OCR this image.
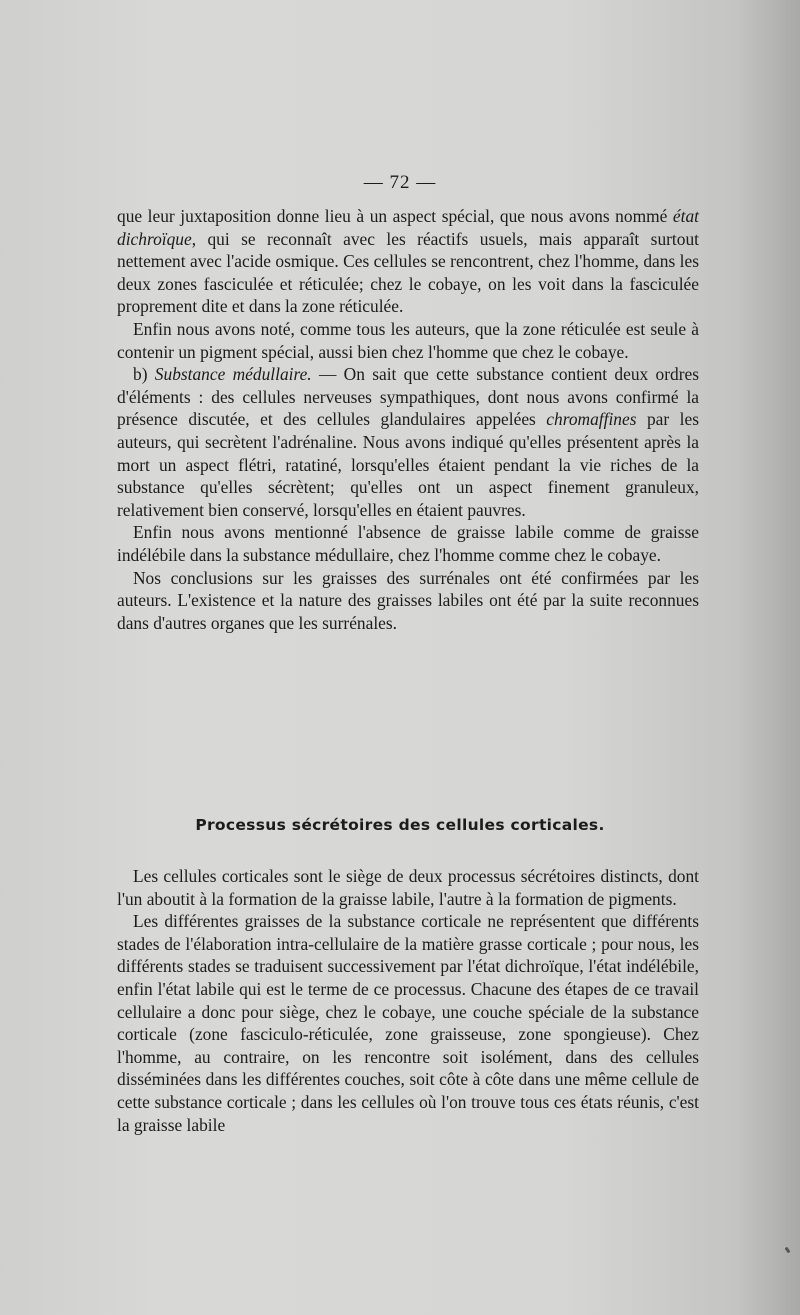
— 72 —

que leur juxtaposition donne lieu à un aspect spécial, que nous avons nommé état dichroïque, qui se reconnaît avec les réactifs usuels, mais apparaît surtout nettement avec l'acide osmique. Ces cellules se rencontrent, chez l'homme, dans les deux zones fasciculée et réticulée; chez le cobaye, on les voit dans la fasciculée proprement dite et dans la zone réticulée.

Enfin nous avons noté, comme tous les auteurs, que la zone réticulée est seule à contenir un pigment spécial, aussi bien chez l'homme que chez le cobaye.

b) Substance médullaire. — On sait que cette substance contient deux ordres d'éléments : des cellules nerveuses sympathiques, dont nous avons confirmé la présence discutée, et des cellules glandulaires appelées chromaffines par les auteurs, qui secrètent l'adrénaline. Nous avons indiqué qu'elles présentent après la mort un aspect flétri, ratatiné, lorsqu'elles étaient pendant la vie riches de la substance qu'elles sécrètent; qu'elles ont un aspect finement granuleux, relativement bien conservé, lorsqu'elles en étaient pauvres.

Enfin nous avons mentionné l'absence de graisse labile comme de graisse indélébile dans la substance médullaire, chez l'homme comme chez le cobaye.

Nos conclusions sur les graisses des surrénales ont été confirmées par les auteurs. L'existence et la nature des graisses labiles ont été par la suite reconnues dans d'autres organes que les surrénales.

Processus sécrétoires des cellules corticales.

Les cellules corticales sont le siège de deux processus sécrétoires distincts, dont l'un aboutit à la formation de la graisse labile, l'autre à la formation de pigments.

Les différentes graisses de la substance corticale ne représentent que différents stades de l'élaboration intra-cellulaire de la matière grasse corticale ; pour nous, les différents stades se traduisent successivement par l'état dichroïque, l'état indélébile, enfin l'état labile qui est le terme de ce processus. Chacune des étapes de ce travail cellulaire a donc pour siège, chez le cobaye, une couche spéciale de la substance corticale (zone fasciculo-réticulée, zone graisseuse, zone spongieuse). Chez l'homme, au contraire, on les rencontre soit isolément, dans des cellules disséminées dans les différentes couches, soit côte à côte dans une même cellule de cette substance corticale ; dans les cellules où l'on trouve tous ces états réunis, c'est la graisse labile
